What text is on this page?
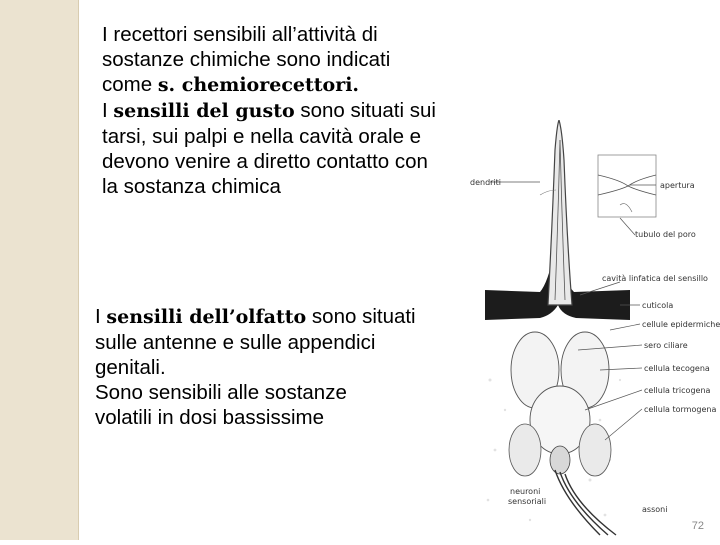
I recettori sensibili all’attività di
sostanze chimiche sono indicati
come s. chemiorecettori.
I sensilli del gusto sono situati sui
tarsi, sui palpi e nella cavità orale e
devono venire a diretto contatto con
la sostanza chimica
I sensilli dell’olfatto sono situati
sulle antenne e sulle appendici
genitali.
Sono sensibili alle sostanze
volatili in dosi bassissime
dendriti	apertura
tubulo del poro
cavità linfatica del sensillo
cuticola
cellule epidermiche
sero ciliare
cellula tecogena
cellula tricogena
cellula tormogena
neuroni
sensoriali
assoni
72
